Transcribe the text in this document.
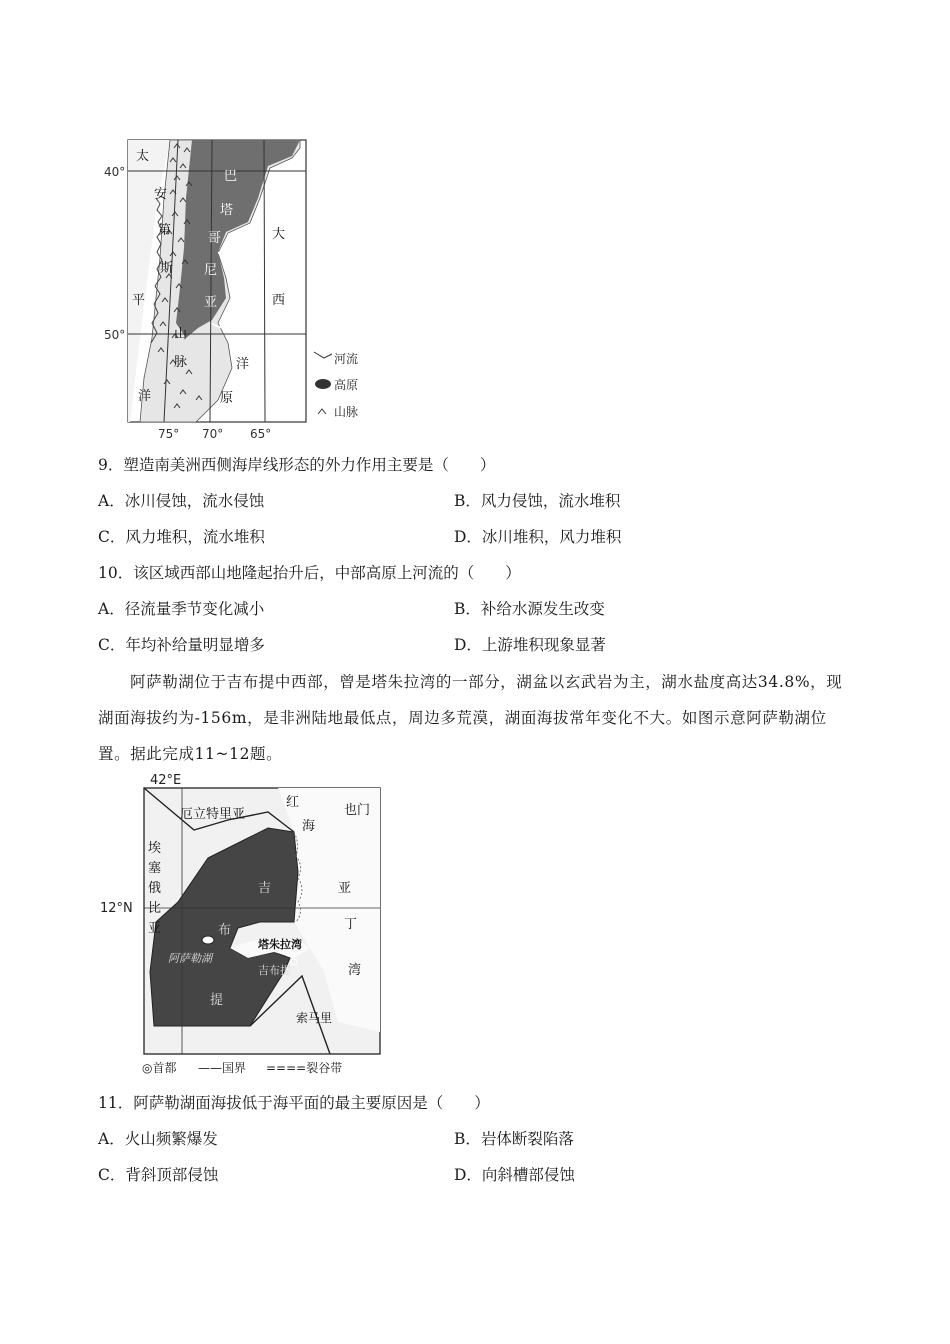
40°
50°
75° 70° 65°
太
安
第
斯
平
山
脉
洋
巴
塔
哥
尼
亚
原
大
西
洋	河流
高原
山脉
9．塑造南美洲西侧海岸线形态的外力作用主要是（　　）
A．冰川侵蚀，流水侵蚀	B．风力侵蚀，流水堆积
C．风力堆积，流水堆积	D．冰川堆积，风力堆积
10．该区域西部山地隆起抬升后，中部高原上河流的（　　）
A．径流量季节变化减小	B．补给水源发生改变
C．年均补给量明显增多	D．上游堆积现象显著
阿萨勒湖位于吉布提中西部，曾是塔朱拉湾的一部分，湖盆以玄武岩为主，湖水盐度高达34.8%，现湖面海拔约为-156m，是非洲陆地最低点，周边多荒漠，湖面海拔常年变化不大。如图示意阿萨勒湖位置。据此完成11~12题。
42°E
12°N
厄立特里亚
红
海
也门
埃
塞
俄
比
亚
吉
布
提
亚
丁
湾
塔朱拉湾
吉布提
阿萨勒湖
索马里
◎首都 ——国界 ====裂谷带
11．阿萨勒湖面海拔低于海平面的最主要原因是（　　）
A．火山频繁爆发	B．岩体断裂陷落
C．背斜顶部侵蚀	D．向斜槽部侵蚀
